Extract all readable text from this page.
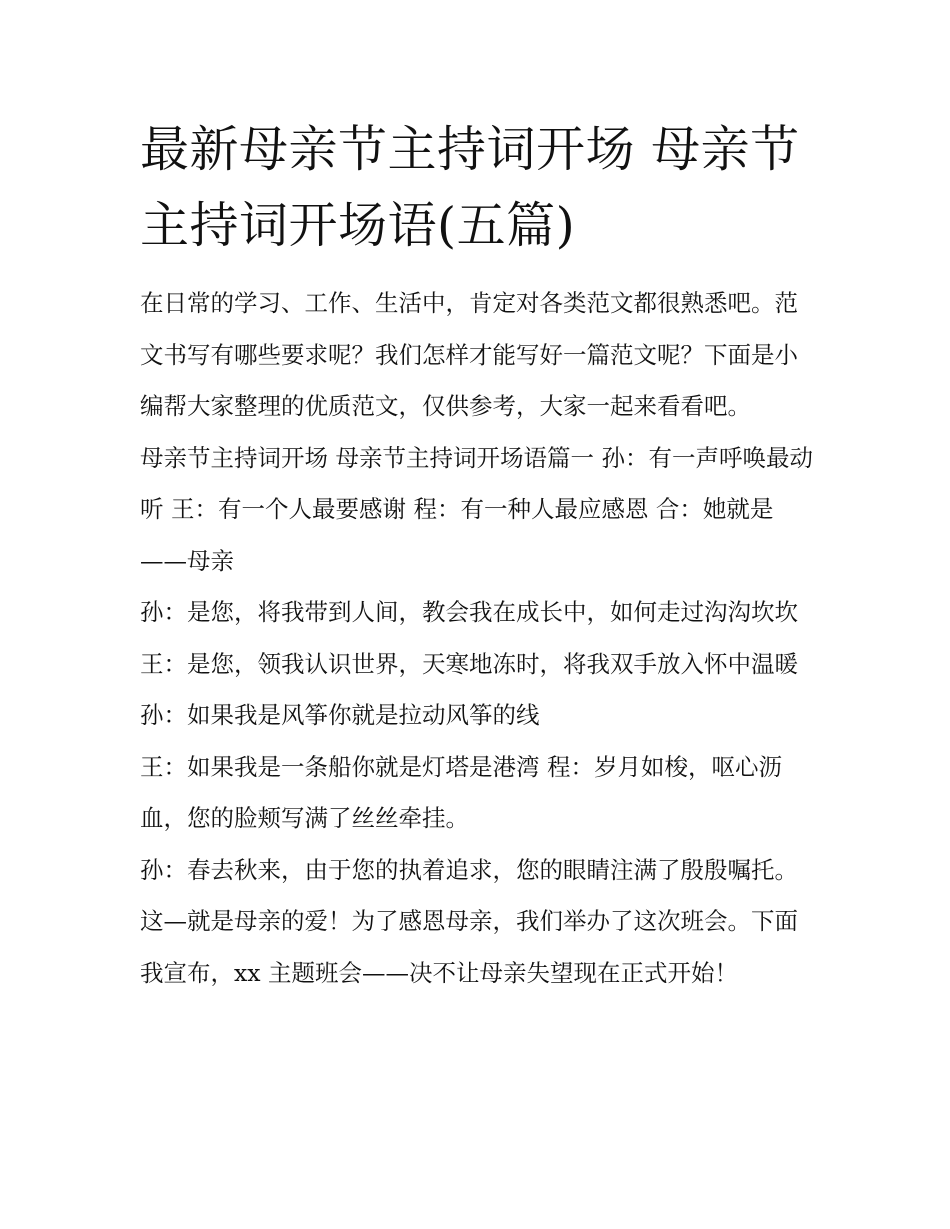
最新母亲节主持词开场 母亲节主持词开场语(五篇)

在日常的学习、工作、生活中，肯定对各类范文都很熟悉吧。范文书写有哪些要求呢？我们怎样才能写好一篇范文呢？下面是小编帮大家整理的优质范文，仅供参考，大家一起来看看吧。

母亲节主持词开场 母亲节主持词开场语篇一 孙：有一声呼唤最动听 王：有一个人最要感谢 程：有一种人最应感恩 合：她就是——母亲

孙：是您，将我带到人间，教会我在成长中，如何走过沟沟坎坎 王：是您，领我认识世界，天寒地冻时，将我双手放入怀中温暖 孙：如果我是风筝你就是拉动风筝的线

王：如果我是一条船你就是灯塔是港湾 程：岁月如梭，呕心沥血，您的脸颊写满了丝丝牵挂。

孙：春去秋来，由于您的执着追求，您的眼睛注满了殷殷嘱托。这—就是母亲的爱！为了感恩母亲，我们举办了这次班会。下面我宣布，xx 主题班会——决不让母亲失望现在正式开始！
